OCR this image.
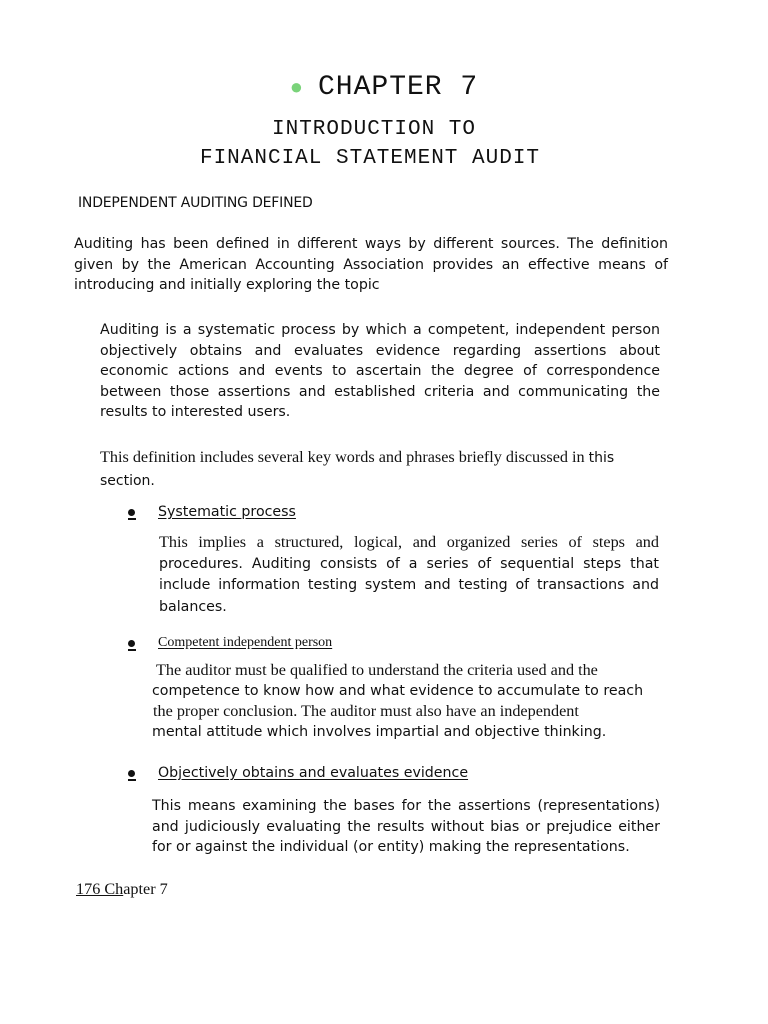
● CHAPTER 7
INTRODUCTION TO
FINANCIAL STATEMENT AUDIT
INDEPENDENT AUDITING DEFINED
Auditing has been defined in different ways by different sources. The definition given by the American Accounting Association provides an effective means of introducing and initially exploring the topic
Auditing is a systematic process by which a competent, independent person objectively obtains and evaluates evidence regarding assertions about economic actions and events to ascertain the degree of correspondence between those assertions and established criteria and communicating the results to interested users.
This definition includes several key words and phrases briefly discussed in this section.
Systematic process
This implies a structured, logical, and organized series of steps and procedures. Auditing consists of a series of sequential steps that include information testing system and testing of transactions and balances.
Competent independent person
The auditor must be qualified to understand the criteria used and the
competence to know how and what evidence to accumulate to reach
the proper conclusion. The auditor must also have an independent
mental attitude which involves impartial and objective thinking.
Objectively obtains and evaluates evidence
This means examining the bases for the assertions (representations) and judiciously evaluating the results without bias or prejudice either for or against the individual (or entity) making the representations.
176 Chapter 7
